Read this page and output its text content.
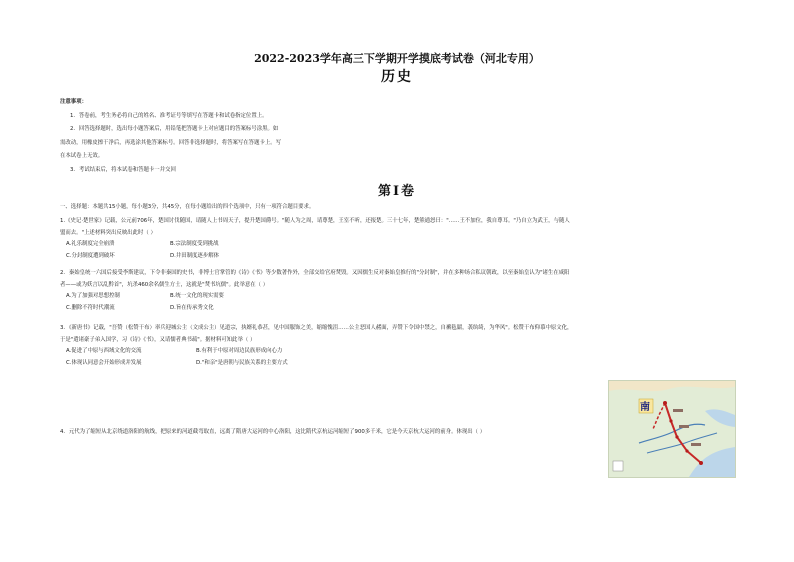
2022-2023学年高三下学期开学摸底考试卷（河北专用）
历史
注意事项：
1．答卷前，考生务必将自己的姓名、准考证号等填写在答题卡和试卷指定位置上。
2．回答选择题时，选出每小题答案后，用铅笔把答题卡上对应题目的答案标号涂黑。如
需改动，用橡皮擦干净后，再选涂其他答案标号。回答非选择题时，将答案写在答题卡上。写
在本试卷上无效。
3．考试结束后，将本试卷和答题卡一并交回
第Ⅰ卷
一、选择题：本题共15小题，每小题3分，共45分，在每小题给出的四个选项中，只有一项符合题目要求。
1.《史记·楚世家》记载，公元前706年，楚国讨伐随国，请随人上书周天子，提升楚国爵号。"随人为之周，请尊楚，王室不听，还报楚。三十七年，楚熊通怒曰："……王不加位，我自尊耳。"乃自立为武王，与随人
盟而去。"上述材料突出反映出此时（ ）
A.礼乐制度完全崩溃	B.宗法制度受到挑战
C.分封制度遭到破坏	D.井田制度逐步解体
2．秦始皇统一六国后接受李斯建议，下令非秦国的史书，非博士官掌管的《诗》《书》等少数著作外，全部交给官府焚毁。又因儒生反对秦始皇推行的"分封制"，并在多种场合私议朝政，以至秦始皇认为"诸生在咸阳
者——或为妖言以乱黔首"，坑杀460余名儒生方士，这就是"焚书坑儒"。此举意在（ ）
A.为了加强对思想控制	B.统一文化的现实需要
C.删除不符时代潮流	D.旨在传承秀文化
3．《新唐书》记载，"吾赞（松赞干布）率兵迎城公主（文成公主）见道宗，执婿礼恭甚，见中国服饰之美，缩缩愧沮……公主恶国人赭面，弄赞下令国中禁之，自褫毡罽，袭纨绮，为华风"。松赞干布仰慕中原文化，
于是"遣诸豪子弟入国学，习《诗》《书》，又请儒者典书疏"。据材料可知此举（ ）
A.促进了中原与西域文化的交流	B.有利于中原对周边民族形成向心力
C.体现认同意会开始形成并发展	D."和亲"是唐朝与民族关系的主要方式
4．元代为了缩短从北京绕道洛阳的航线，把原来的河道截弯取直，远离了隋唐大运河的中心洛阳，这比隋代京杭运河缩短了900多千米，它是今天京杭大运河的前身。体现出（ ）
南
